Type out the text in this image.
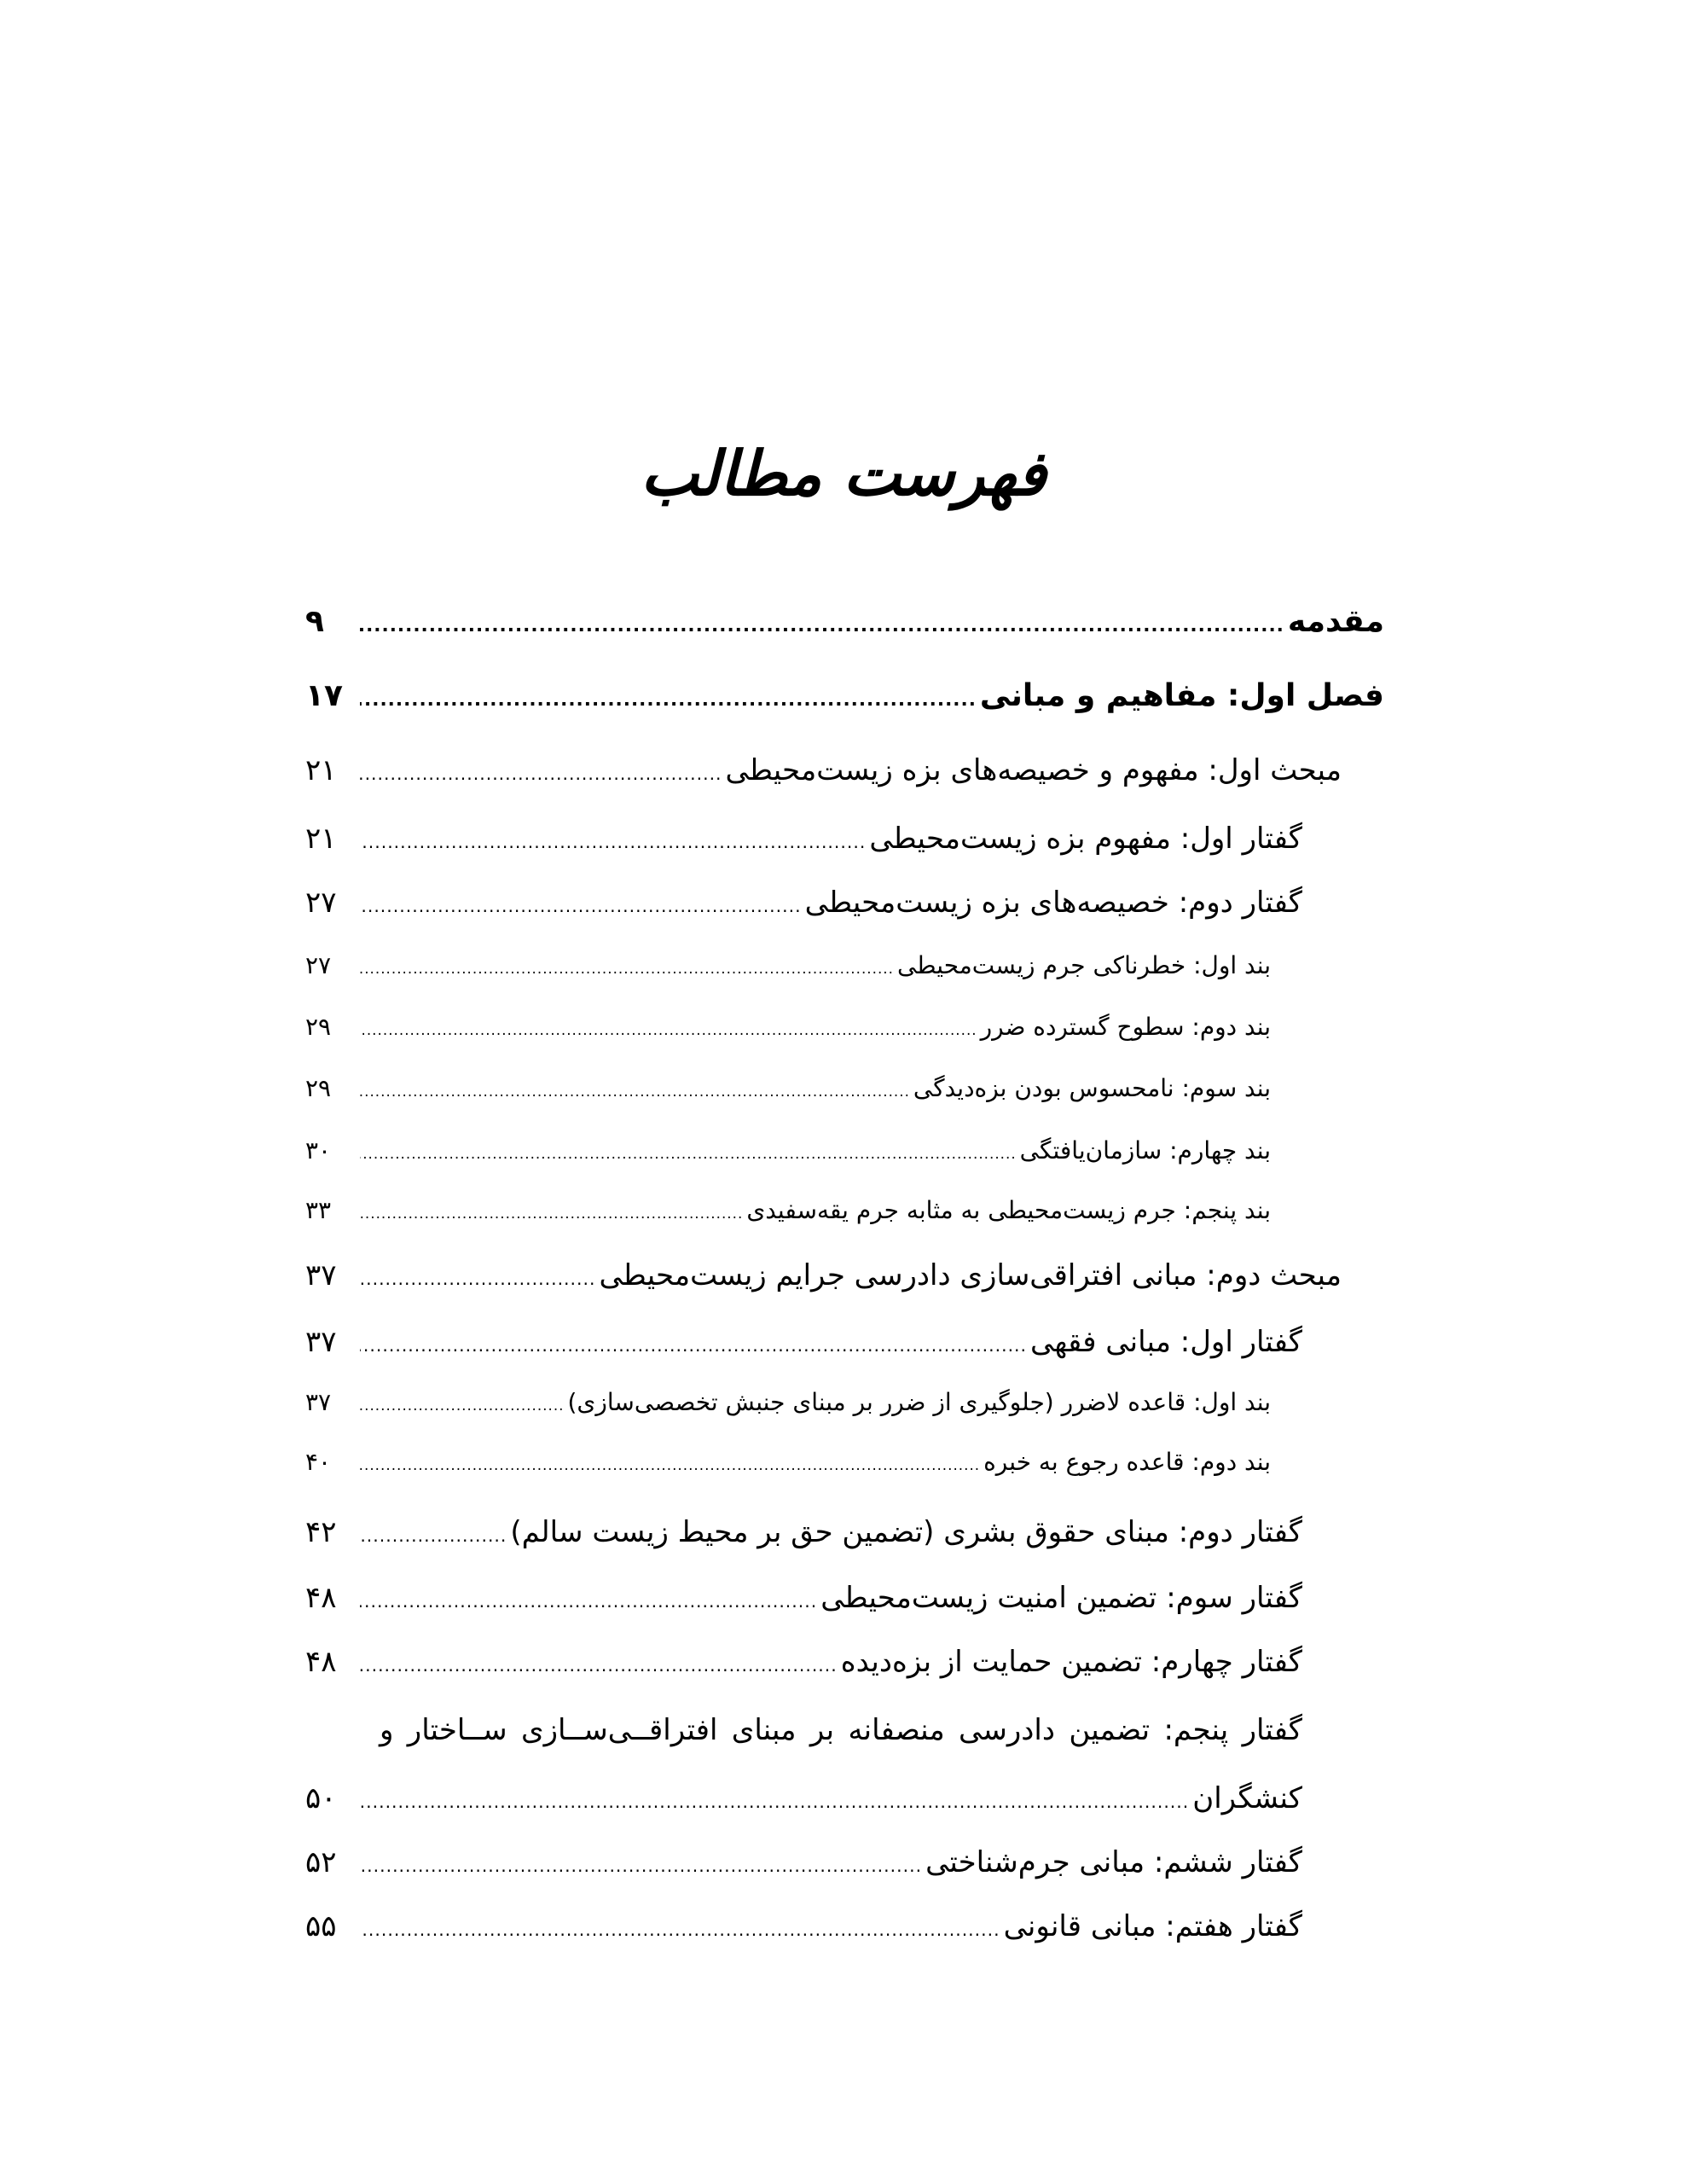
فهرست مطالب
مقدمه
.....
۹
فصل اول: مفاهیم و مبانی
.....
۱۷
مبحث اول: مفهوم و خصیصه‌های بزه زیست‌محیطی
.....
۲۱
گفتار اول: مفهوم بزه زیست‌محیطی
.....
۲۱
گفتار دوم: خصیصه‌های بزه زیست‌محیطی
.....
۲۷
بند اول: خطرناکی جرم زیست‌محیطی
.....
۲۷
بند دوم: سطوح گسترده ضرر
.....
۲۹
بند سوم: نامحسوس بودن بزه‌دیدگی
.....
۲۹
بند چهارم: سازمان‌یافتگی
.....
۳۰
بند پنجم: جرم زیست‌محیطی به مثابه جرم یقه‌سفیدی
.....
۳۳
مبحث دوم: مبانی افتراقی‌سازی دادرسی جرایم زیست‌محیطی
.....
۳۷
گفتار اول: مبانی فقهی
.....
۳۷
بند اول: قاعده لاضرر (جلوگیری از ضرر بر مبنای جنبش تخصصی‌سازی)
.....
۳۷
بند دوم: قاعده رجوع به خبره
.....
۴۰
گفتار دوم: مبنای حقوق بشری (تضمین حق بر محیط زیست سالم)
.....
۴۲
گفتار سوم: تضمین امنیت زیست‌محیطی
.....
۴۸
گفتار چهارم: تضمین حمایت از بزه‌دیده
.....
۴۸
گفتار پنجم: تضمین دادرسی منصفانه بر مبنای افتراقــی‌ســازی ســاختار و
کنشگران
.....
۵۰
گفتار ششم: مبانی جرم‌شناختی
.....
۵۲
گفتار هفتم: مبانی قانونی
.....
۵۵
